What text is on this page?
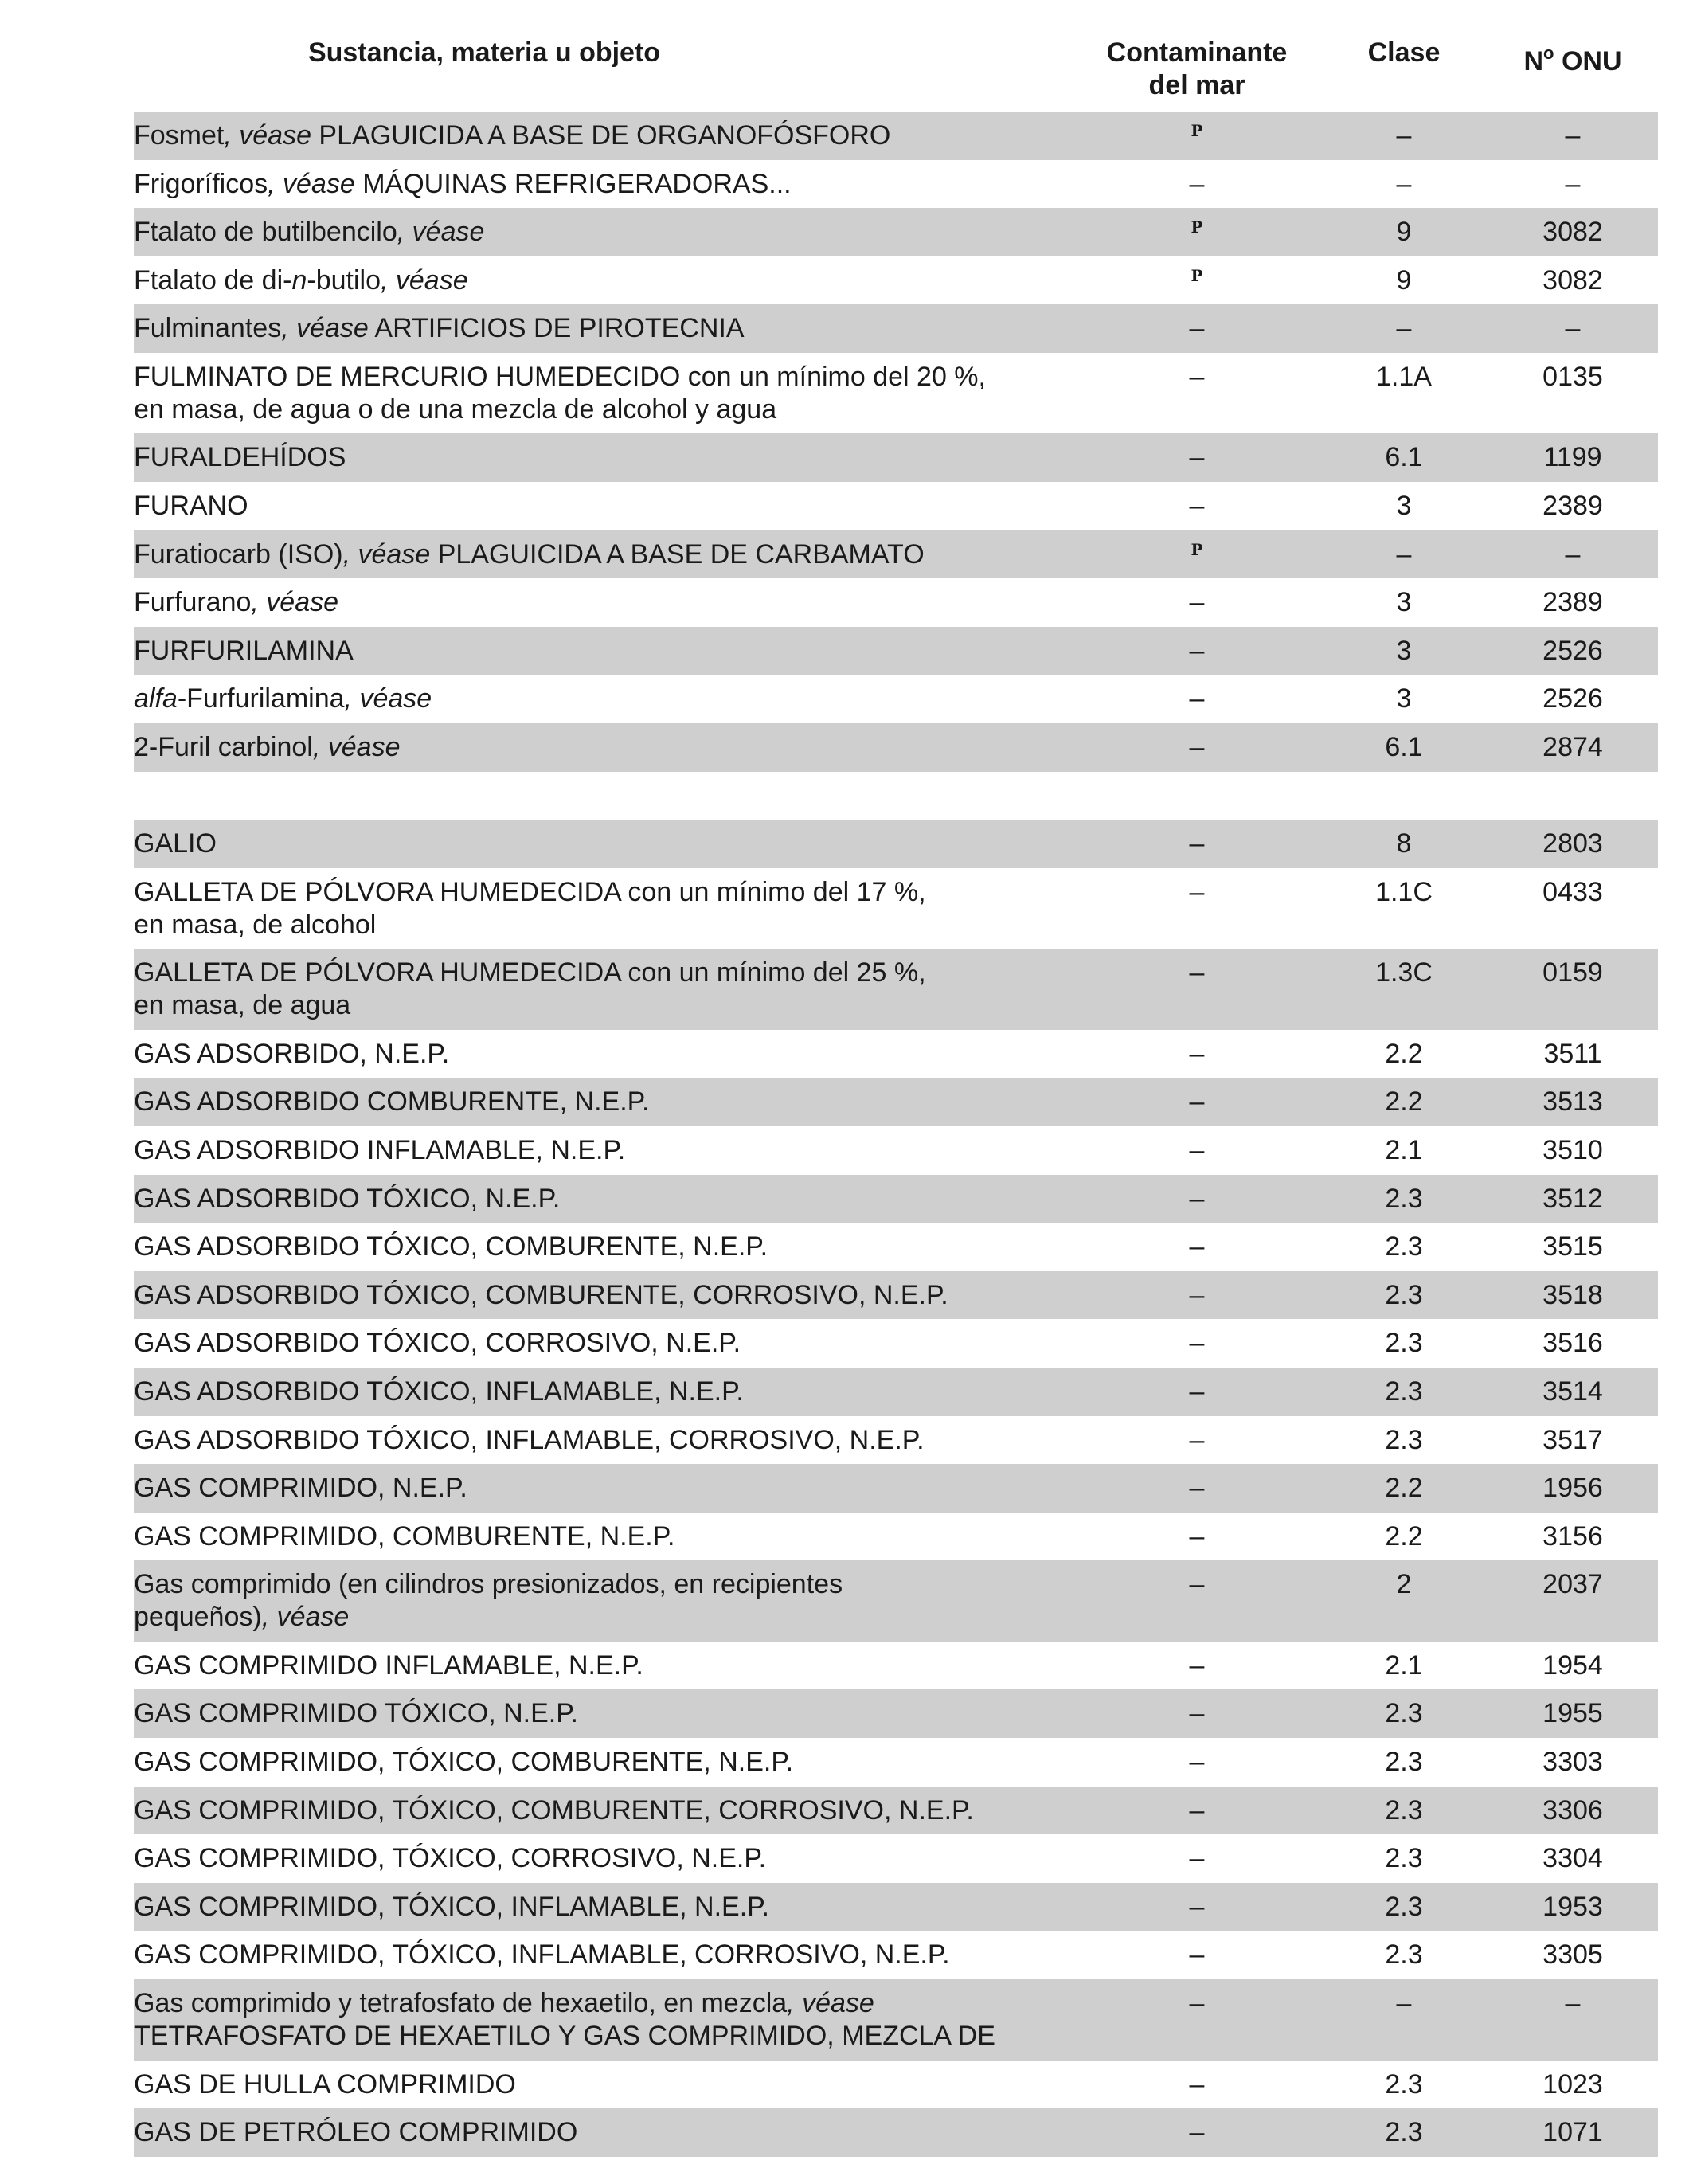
Sustancia, materia u objeto	Contaminante
del mar
Clase	$N^o$ ONU
Fosmet, véase PLAGUICIDA A BASE DE ORGANOFÓSFORO	P	–	–
Frigoríficos, véase MÁQUINAS REFRIGERADORAS...	–	–	–
Ftalato de butilbencilo, véase	P	9	3082
Ftalato de di-n-butilo, véase	P	9	3082
Fulminantes, véase ARTIFICIOS DE PIROTECNIA	–	–	–
FULMINATO DE MERCURIO HUMEDECIDO con un mínimo del 20 %,
en masa, de agua o de una mezcla de alcohol y agua
–	1.1A	0135
FURALDEHÍDOS	–	6.1	1199
FURANO	–	3	2389
Furatiocarb (ISO), véase PLAGUICIDA A BASE DE CARBAMATO	P	–	–
Furfurano, véase	–	3	2389
FURFURILAMINA	–	3	2526
alfa-Furfurilamina, véase	–	3	2526
2-Furil carbinol, véase	–	6.1	2874
GALIO	–	8	2803
GALLETA DE PÓLVORA HUMEDECIDA con un mínimo del 17 %,
en masa, de alcohol
–	1.1C	0433
GALLETA DE PÓLVORA HUMEDECIDA con un mínimo del 25 %,
en masa, de agua
–	1.3C	0159
GAS ADSORBIDO, N.E.P.	–	2.2	3511
GAS ADSORBIDO COMBURENTE, N.E.P.	–	2.2	3513
GAS ADSORBIDO INFLAMABLE, N.E.P.	–	2.1	3510
GAS ADSORBIDO TÓXICO, N.E.P.	–	2.3	3512
GAS ADSORBIDO TÓXICO, COMBURENTE, N.E.P.	–	2.3	3515
GAS ADSORBIDO TÓXICO, COMBURENTE, CORROSIVO, N.E.P.	–	2.3	3518
GAS ADSORBIDO TÓXICO, CORROSIVO, N.E.P.	–	2.3	3516
GAS ADSORBIDO TÓXICO, INFLAMABLE, N.E.P.	–	2.3	3514
GAS ADSORBIDO TÓXICO, INFLAMABLE, CORROSIVO, N.E.P.	–	2.3	3517
GAS COMPRIMIDO, N.E.P.	–	2.2	1956
GAS COMPRIMIDO, COMBURENTE, N.E.P.	–	2.2	3156
Gas comprimido (en cilindros presionizados, en recipientes
pequeños), véase
–	2	2037
GAS COMPRIMIDO INFLAMABLE, N.E.P.	–	2.1	1954
GAS COMPRIMIDO TÓXICO, N.E.P.	–	2.3	1955
GAS COMPRIMIDO, TÓXICO, COMBURENTE, N.E.P.	–	2.3	3303
GAS COMPRIMIDO, TÓXICO, COMBURENTE, CORROSIVO, N.E.P.	–	2.3	3306
GAS COMPRIMIDO, TÓXICO, CORROSIVO, N.E.P.	–	2.3	3304
GAS COMPRIMIDO, TÓXICO, INFLAMABLE, N.E.P.	–	2.3	1953
GAS COMPRIMIDO, TÓXICO, INFLAMABLE, CORROSIVO, N.E.P.	–	2.3	3305
Gas comprimido y tetrafosfato de hexaetilo, en mezcla, véase
TETRAFOSFATO DE HEXAETILO Y GAS COMPRIMIDO, MEZCLA DE
–	–	–
GAS DE HULLA COMPRIMIDO	–	2.3	1023
GAS DE PETRÓLEO COMPRIMIDO	–	2.3	1071
